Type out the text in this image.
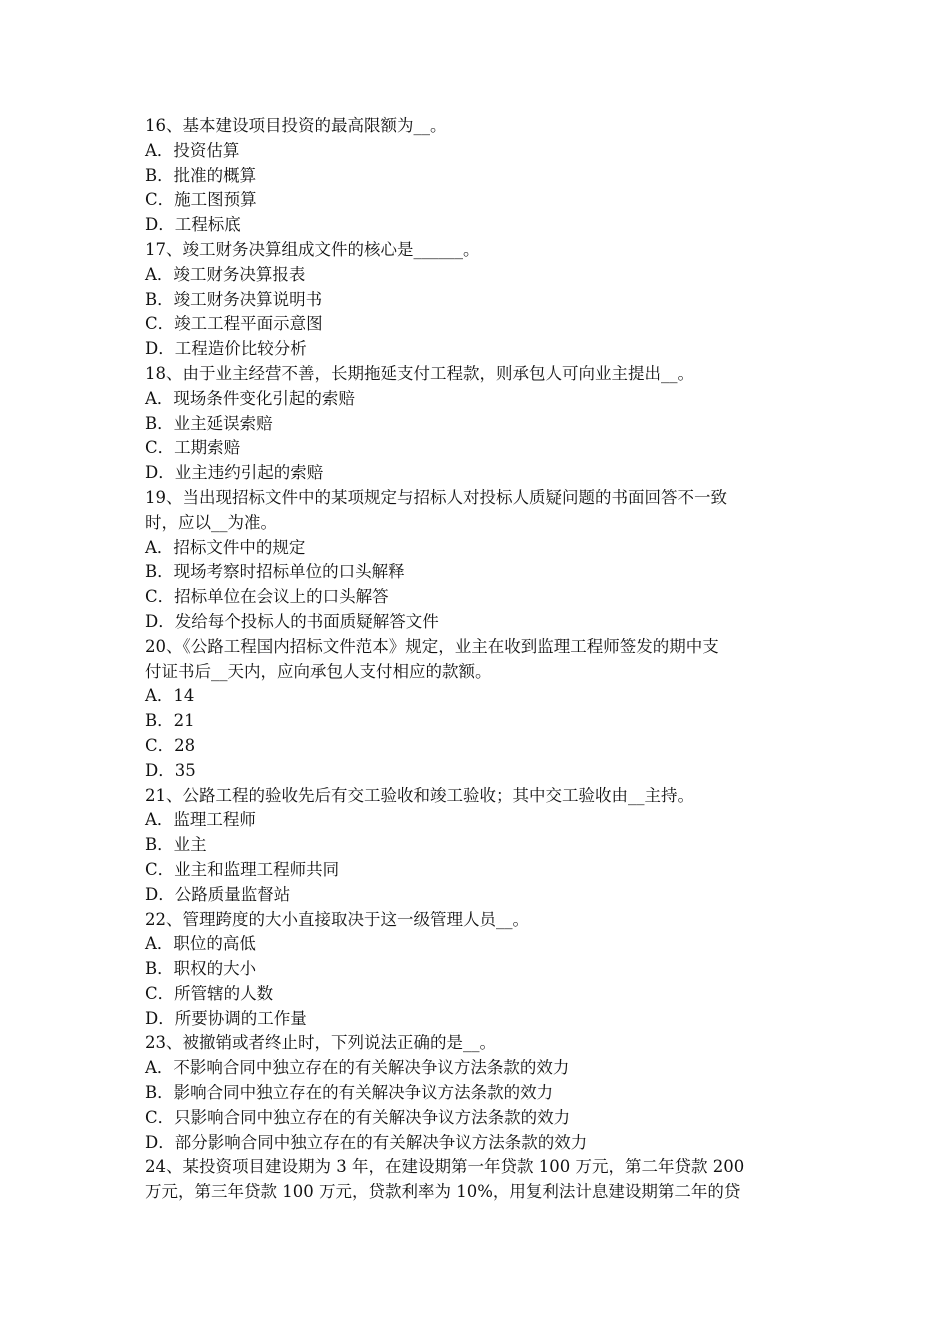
16、基本建设项目投资的最高限额为__。
A．投资估算
B．批准的概算
C．施工图预算
D．工程标底
17、竣工财务决算组成文件的核心是______。
A．竣工财务决算报表
B．竣工财务决算说明书
C．竣工工程平面示意图
D．工程造价比较分析
18、由于业主经营不善，长期拖延支付工程款，则承包人可向业主提出__。
A．现场条件变化引起的索赔
B．业主延误索赔
C．工期索赔
D．业主违约引起的索赔
19、当出现招标文件中的某项规定与招标人对投标人质疑问题的书面回答不一致
时，应以__为准。
A．招标文件中的规定
B．现场考察时招标单位的口头解释
C．招标单位在会议上的口头解答
D．发给每个投标人的书面质疑解答文件
20、《公路工程国内招标文件范本》规定，业主在收到监理工程师签发的期中支
付证书后__天内，应向承包人支付相应的款额。
A．14
B．21
C．28
D．35
21、公路工程的验收先后有交工验收和竣工验收；其中交工验收由__主持。
A．监理工程师
B．业主
C．业主和监理工程师共同
D．公路质量监督站
22、管理跨度的大小直接取决于这一级管理人员__。
A．职位的高低
B．职权的大小
C．所管辖的人数
D．所要协调的工作量
23、被撤销或者终止时，下列说法正确的是__。
A．不影响合同中独立存在的有关解决争议方法条款的效力
B．影响合同中独立存在的有关解决争议方法条款的效力
C．只影响合同中独立存在的有关解决争议方法条款的效力
D．部分影响合同中独立存在的有关解决争议方法条款的效力
24、某投资项目建设期为 3 年，在建设期第一年贷款 100 万元，第二年贷款 200
万元，第三年贷款 100 万元，贷款利率为 10%，用复利法计息建设期第二年的贷
